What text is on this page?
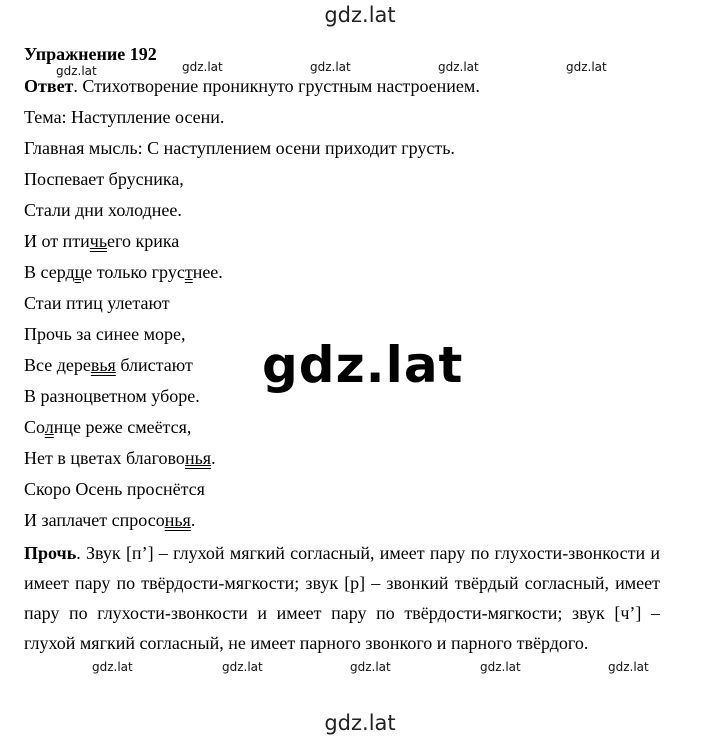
gdz.lat
Упражнение 192
gdz.lat	gdz.lat	gdz.lat	gdz.lat	gdz.lat
Ответ. Стихотворение проникнуто грустным настроением.
Тема: Наступление осени.
Главная мысль: С наступлением осени приходит грусть.
Поспевает брусника,
Стали дни холоднее.
И от птичьего крика
В сердце только грустнее.
Стаи птиц улетают
Прочь за синее море,
Все деревья блистают
В разноцветном уборе.
Солнце реже смеётся,
Нет в цветах благовонья.
Скоро Осень проснётся
И заплачет спросонья.
gdz.lat
Прочь. Звук [п’] – глухой мягкий согласный, имеет пару по глухости-звонкости и имеет пару по твёрдости-мягкости; звук [р] – звонкий твёрдый согласный, имеет пару по глухости-звонкости и имеет пару по твёрдости-мягкости; звук [ч’] – глухой мягкий согласный, не имеет парного звонкого и парного твёрдого.
gdz.lat	gdz.lat	gdz.lat	gdz.lat	gdz.lat
gdz.lat
